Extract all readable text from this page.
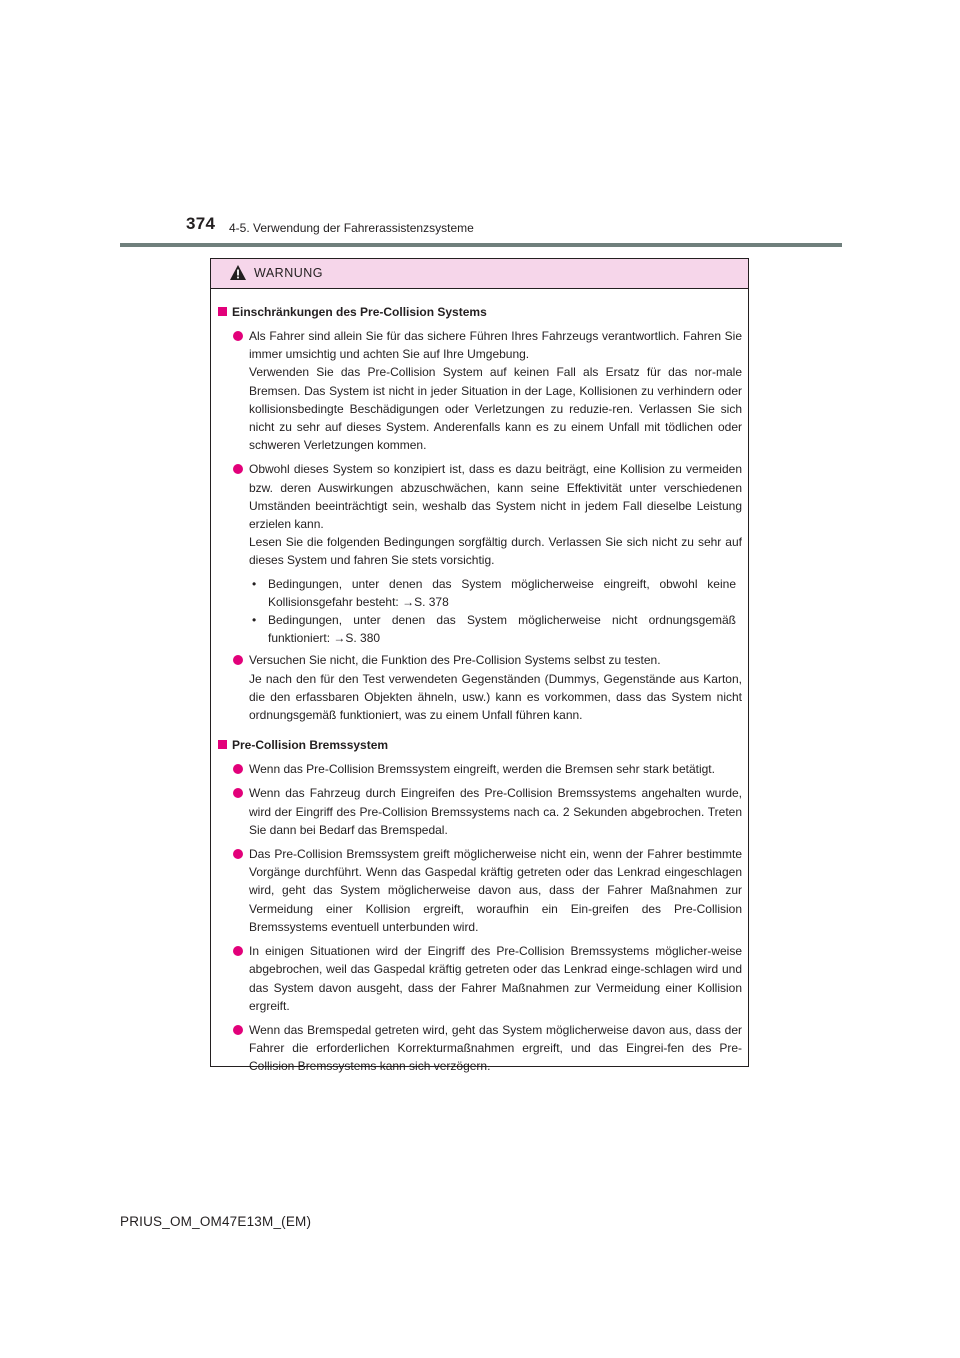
374 4-5. Verwendung der Fahrerassistenzsysteme
WARNUNG
Einschränkungen des Pre-Collision Systems

Als Fahrer sind allein Sie für das sichere Führen Ihres Fahrzeugs verantwortlich. Fahren Sie immer umsichtig und achten Sie auf Ihre Umgebung.

Verwenden Sie das Pre-Collision System auf keinen Fall als Ersatz für das nor-male Bremsen. Das System ist nicht in jeder Situation in der Lage, Kollisionen zu verhindern oder kollisionsbedingte Beschädigungen oder Verletzungen zu reduzie-ren. Verlassen Sie sich nicht zu sehr auf dieses System. Anderenfalls kann es zu einem Unfall mit tödlichen oder schweren Verletzungen kommen.

Obwohl dieses System so konzipiert ist, dass es dazu beiträgt, eine Kollision zu vermeiden bzw. deren Auswirkungen abzuschwächen, kann seine Effektivität unter verschiedenen Umständen beeinträchtigt sein, weshalb das System nicht in jedem Fall dieselbe Leistung erzielen kann.

Lesen Sie die folgenden Bedingungen sorgfältig durch. Verlassen Sie sich nicht zu sehr auf dieses System und fahren Sie stets vorsichtig.

• Bedingungen, unter denen das System möglicherweise eingreift, obwohl keine Kollisionsgefahr besteht: →S. 378
• Bedingungen, unter denen das System möglicherweise nicht ordnungsgemäß funktioniert: →S. 380

Versuchen Sie nicht, die Funktion des Pre-Collision Systems selbst zu testen.

Je nach den für den Test verwendeten Gegenständen (Dummys, Gegenstände aus Karton, die den erfassbaren Objekten ähneln, usw.) kann es vorkommen, dass das System nicht ordnungsgemäß funktioniert, was zu einem Unfall führen kann.

Pre-Collision Bremssystem

Wenn das Pre-Collision Bremssystem eingreift, werden die Bremsen sehr stark betätigt.

Wenn das Fahrzeug durch Eingreifen des Pre-Collision Bremssystems angehalten wurde, wird der Eingriff des Pre-Collision Bremssystems nach ca. 2 Sekunden abgebrochen. Treten Sie dann bei Bedarf das Bremspedal.

Das Pre-Collision Bremssystem greift möglicherweise nicht ein, wenn der Fahrer bestimmte Vorgänge durchführt. Wenn das Gaspedal kräftig getreten oder das Lenkrad eingeschlagen wird, geht das System möglicherweise davon aus, dass der Fahrer Maßnahmen zur Vermeidung einer Kollision ergreift, woraufhin ein Ein-greifen des Pre-Collision Bremssystems eventuell unterbunden wird.

In einigen Situationen wird der Eingriff des Pre-Collision Bremssystems möglicher-weise abgebrochen, weil das Gaspedal kräftig getreten oder das Lenkrad einge-schlagen wird und das System davon ausgeht, dass der Fahrer Maßnahmen zur Vermeidung einer Kollision ergreift.

Wenn das Bremspedal getreten wird, geht das System möglicherweise davon aus, dass der Fahrer die erforderlichen Korrekturmaßnahmen ergreift, und das Eingrei-fen des Pre-Collision Bremssystems kann sich verzögern.

PRIUS_OM_OM47E13M_(EM)
